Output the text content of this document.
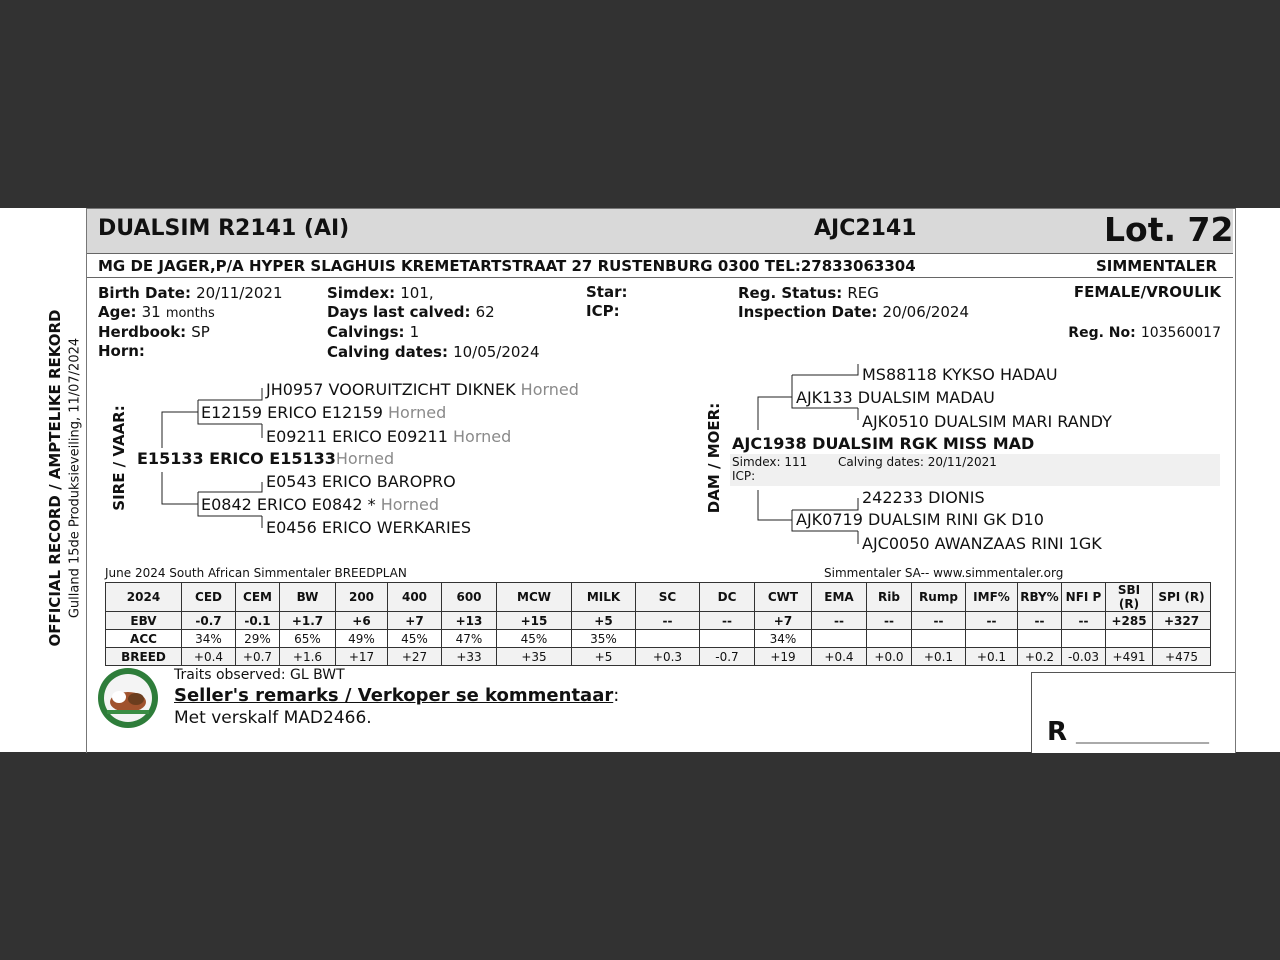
OFFICIAL RECORD / AMPTELIKE REKORD Gulland 15de Produksieveiling, 11/07/2024
DUALSIM R2141 (AI)	AJC2141	Lot. 72
MG DE JAGER,P/A HYPER SLAGHUIS KREMETARTSTRAAT 27 RUSTENBURG 0300 TEL:27833063304	SIMMENTALER
Birth Date: 20/11/2021
Age: 31 months
Herdbook: SP
Horn:
Simdex: 101,
Days last calved: 62
Calvings: 1
Calving dates: 10/05/2024
Star:
ICP:
Reg. Status: REG
Inspection Date: 20/06/2024
FEMALE/VROULIK
Reg. No: 103560017
SIRE / VAAR:
JH0957 VOORUITZICHT DIKNEK Horned
E12159 ERICO E12159 Horned
E09211 ERICO E09211 Horned
E15133 ERICO E15133Horned
E0543 ERICO BAROPRO
E0842 ERICO E0842 * Horned
E0456 ERICO WERKARIES
DAM / MOER:
MS88118 KYKSO HADAU
AJK133 DUALSIM MADAU
AJK0510 DUALSIM MARI RANDY
AJC1938 DUALSIM RGK MISS MAD
Simdex: 111	Calving dates: 20/11/2021
ICP:
242233 DIONIS
AJK0719 DUALSIM RINI GK D10
AJC0050 AWANZAAS RINI 1GK
June 2024 South African Simmentaler BREEDPLAN	Simmentaler SA-- www.simmentaler.org
2024	CED	CEM	BW	200	400	600	MCW	MILK	SC	DC	CWT	EMA	Rib	Rump	IMF%	RBY%	NFI P	SBI (R)	SPI (R)
EBV	-0.7	-0.1	+1.7	+6	+7	+13	+15	+5	--	--	+7	--	--	--	--	--	--	+285	+327
ACC	34%	29%	65%	49%	45%	47%	45%	35%			34%								
BREED	+0.4	+0.7	+1.6	+17	+27	+33	+35	+5	+0.3	-0.7	+19	+0.4	+0.0	+0.1	+0.1	+0.2	-0.03	+491	+475
Traits observed: GL BWT
Seller's remarks / Verkoper se kommentaar:
Met verskalf MAD2466.	R ___________________
